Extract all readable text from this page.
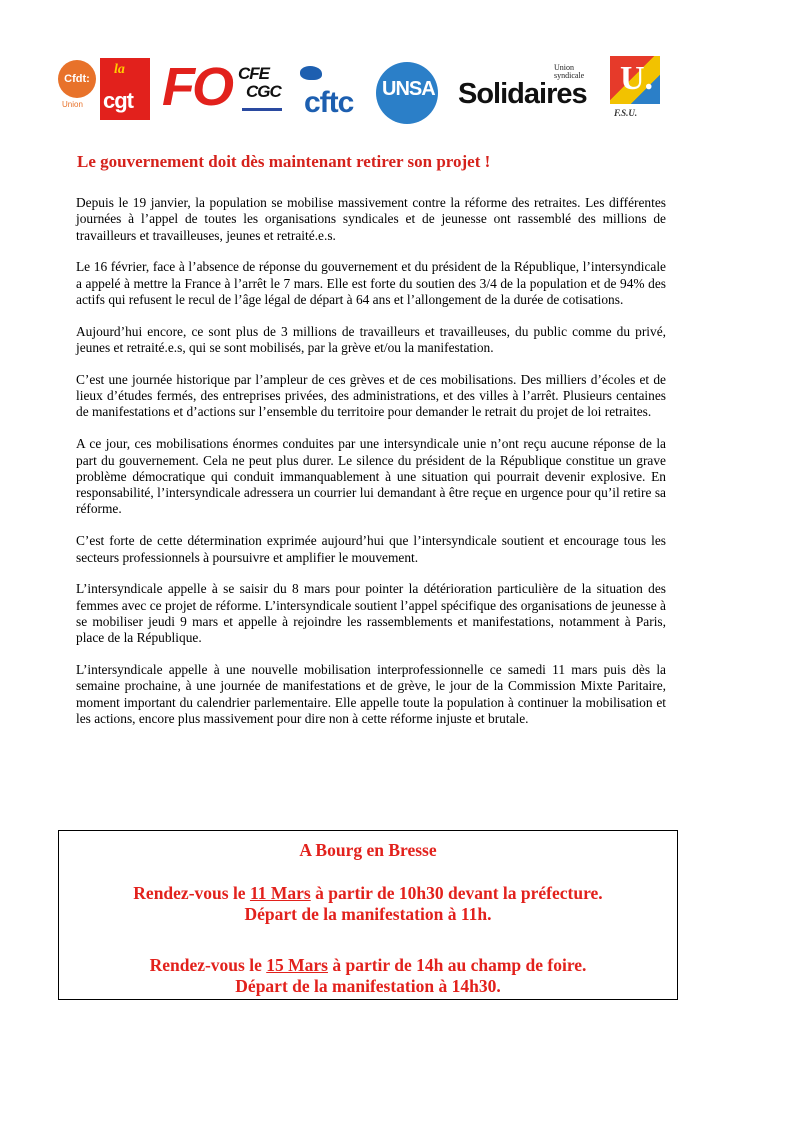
Cfdt:
Union
la
cgt FO CFE
CGC cftc UNSA
Union syndicale
Solidaires U.
F.S.U.
Le gouvernement doit dès maintenant retirer son projet !

Depuis le 19 janvier, la population se mobilise massivement contre la réforme des retraites. Les différentes journées à l’appel de toutes les organisations syndicales et de jeunesse ont rassemblé des millions de travailleurs et travailleuses, jeunes et retraité.e.s.

Le 16 février, face à l’absence de réponse du gouvernement et du président de la République, l’intersyndicale a appelé à mettre la France à l’arrêt le 7 mars. Elle est forte du soutien des 3/4 de la population et de 94% des actifs qui refusent le recul de l’âge légal de départ à 64 ans et l’allongement de la durée de cotisations.

Aujourd’hui encore, ce sont plus de 3 millions de travailleurs et travailleuses, du public comme du privé, jeunes et retraité.e.s, qui se sont mobilisés, par la grève et/ou la manifestation.

C’est une journée historique par l’ampleur de ces grèves et de ces mobilisations. Des milliers d’écoles et de lieux d’études fermés, des entreprises privées, des administrations, et des villes à l’arrêt. Plusieurs centaines de manifestations et d’actions sur l’ensemble du territoire pour demander le retrait du projet de loi retraites.

A ce jour, ces mobilisations énormes conduites par une intersyndicale unie n’ont reçu aucune réponse de la part du gouvernement. Cela ne peut plus durer. Le silence du président de la République constitue un grave problème démocratique qui conduit immanquablement à une situation qui pourrait devenir explosive. En responsabilité, l’intersyndicale adressera un courrier lui demandant à être reçue en urgence pour qu’il retire sa réforme.

C’est forte de cette détermination exprimée aujourd’hui que l’intersyndicale soutient et encourage tous les secteurs professionnels à poursuivre et amplifier le mouvement.

L’intersyndicale appelle à se saisir du 8 mars pour pointer la détérioration particulière de la situation des femmes avec ce projet de réforme. L’intersyndicale soutient l’appel spécifique des organisations de jeunesse à se mobiliser jeudi 9 mars et appelle à rejoindre les rassemblements et manifestations, notamment à Paris, place de la République.

L’intersyndicale appelle à une nouvelle mobilisation interprofessionnelle ce samedi 11 mars puis dès la semaine prochaine, à une journée de manifestations et de grève, le jour de la Commission Mixte Paritaire, moment important du calendrier parlementaire. Elle appelle toute la population à continuer la mobilisation et les actions, encore plus massivement pour dire non à cette réforme injuste et brutale.

A Bourg en Bresse
Rendez-vous le 11 Mars à partir de 10h30 devant la préfecture.
Départ de la manifestation à 11h.
Rendez-vous le 15 Mars à partir de 14h au champ de foire.
Départ de la manifestation à 14h30.
